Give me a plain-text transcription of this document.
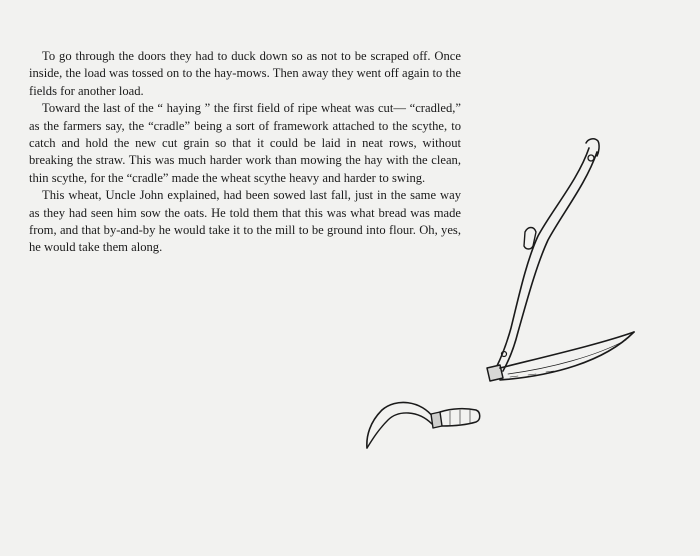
To go through the doors they had to duck down so as not to be scraped off. Once inside, the load was tossed on to the hay-mows. Then away they went off again to the fields for another load.

Toward the last of the “ haying ” the first field of ripe wheat was cut— “cradled,” as the farmers say, the “cradle” being a sort of framework attached to the scythe, to catch and hold the new cut grain so that it could be laid in neat rows, without breaking the straw. This was much harder work than mowing the hay with the clean, thin scythe, for the “cradle” made the wheat scythe heavy and harder to swing.

This wheat, Uncle John explained, had been sowed last fall, just in the same way as they had seen him sow the oats. He told them that this was what bread was made from, and that by-and-by he would take it to the mill to be ground into flour. Oh, yes, he would take them along.
